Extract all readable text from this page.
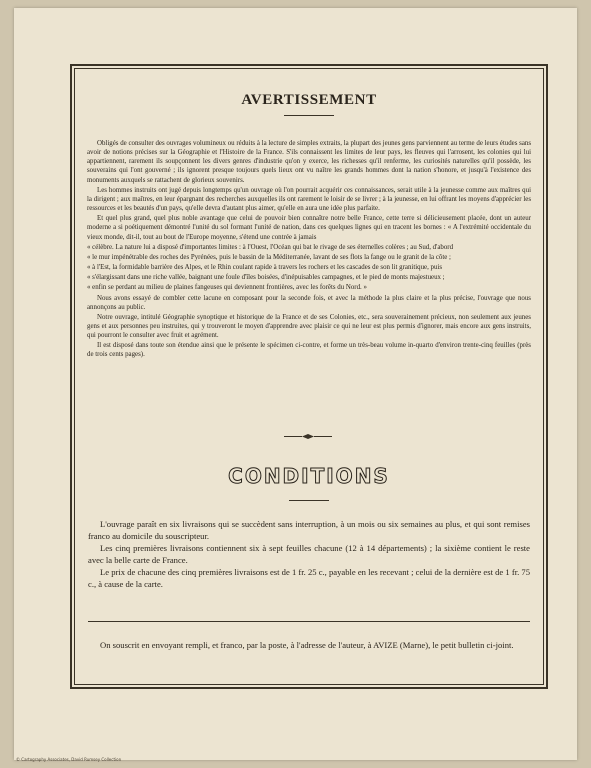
AVERTISSEMENT

Obligés de consulter des ouvrages volumineux ou réduits à la lecture de simples extraits, la plupart des jeunes gens parviennent au terme de leurs études sans avoir de notions précises sur la Géographie et l'Histoire de la France. S'ils connaissent les limites de leur pays, les fleuves qui l'arrosent, les colonies qui lui appartiennent, rarement ils soupçonnent les divers genres d'industrie qu'on y exerce, les richesses qu'il renferme, les curiosités naturelles qu'il possède, les souverains qui l'ont gouverné ; ils ignorent presque toujours quels lieux ont vu naître les grands hommes dont la nation s'honore, et jusqu'à l'existence des monuments auxquels se rattachent de glorieux souvenirs.

Les hommes instruits ont jugé depuis longtemps qu'un ouvrage où l'on pourrait acquérir ces connaissances, serait utile à la jeunesse comme aux maîtres qui la dirigent ; aux maîtres, en leur épargnant des recherches auxquelles ils ont rarement le loisir de se livrer ; à la jeunesse, en lui offrant les moyens d'apprécier les ressources et les beautés d'un pays, qu'elle devra d'autant plus aimer, qu'elle en aura une idée plus parfaite.

Et quel plus grand, quel plus noble avantage que celui de pouvoir bien connaître notre belle France, cette terre si délicieusement placée, dont un auteur moderne a si poétiquement démontré l'unité du sol formant l'unité de nation, dans ces quelques lignes qui en tracent les bornes : « A l'extrémité occidentale du vieux monde, dit-il, tout au bout de l'Europe moyenne, s'étend une contrée à jamais

« célèbre. La nature lui a disposé d'importantes limites : à l'Ouest, l'Océan qui bat le rivage de ses éternelles colères ; au Sud, d'abord

« le mur impénétrable des roches des Pyrénées, puis le bassin de la Méditerranée, lavant de ses flots la fange ou le granit de la côte ;

« à l'Est, la formidable barrière des Alpes, et le Rhin coulant rapide à travers les rochers et les cascades de son lit granitique, puis

« s'élargissant dans une riche vallée, baignant une foule d'îles boisées, d'inépuisables campagnes, et le pied de monts majestueux ;

« enfin se perdant au milieu de plaines fangeuses qui deviennent frontières, avec les forêts du Nord. »

Nous avons essayé de combler cette lacune en composant pour la seconde fois, et avec la méthode la plus claire et la plus précise, l'ouvrage que nous annonçons au public.

Notre ouvrage, intitulé Géographie synoptique et historique de la France et de ses Colonies, etc., sera souverainement précieux, non seulement aux jeunes gens et aux personnes peu instruites, qui y trouveront le moyen d'apprendre avec plaisir ce qui ne leur est plus permis d'ignorer, mais encore aux gens instruits, qui pourront le consulter avec fruit et agrément.

Il est disposé dans toute son étendue ainsi que le présente le spécimen ci-contre, et forme un très-beau volume in-quarto d'environ trente-cinq feuilles (près de trois cents pages).

CONDITIONS

L'ouvrage paraît en six livraisons qui se succèdent sans interruption, à un mois ou six semaines au plus, et qui sont remises franco au domicile du souscripteur.

Les cinq premières livraisons contiennent six à sept feuilles chacune (12 à 14 départements) ; la sixième contient le reste avec la belle carte de France.

Le prix de chacune des cinq premières livraisons est de 1 fr. 25 c., payable en les recevant ; celui de la dernière est de 1 fr. 75 c., à cause de la carte.

On souscrit en envoyant rempli, et franco, par la poste, à l'adresse de l'auteur, à AVIZE (Marne), le petit bulletin ci-joint.

© Cartography Associates, David Rumsey Collection
